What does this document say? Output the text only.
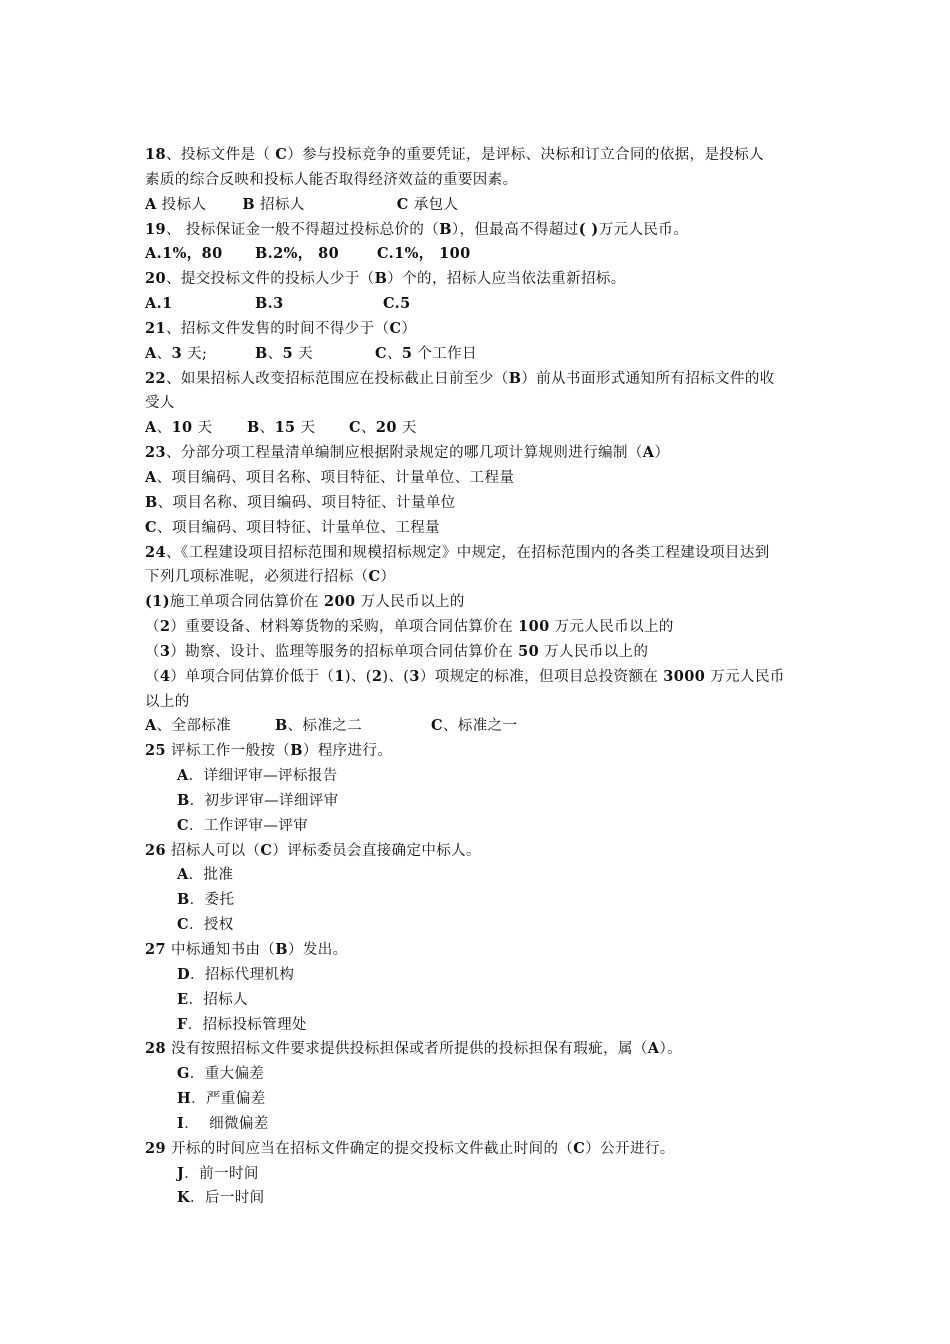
18、投标文件是（ C）参与投标竞争的重要凭证，是评标、决标和订立合同的依据，是投标人
素质的综合反映和投标人能否取得经济效益的重要因素。
A 投标人 B 招标人	C 承包人
19、 投标保证金一般不得超过投标总价的（B），但最高不得超过( )万元人民币。
A.1%，80 B.2%， 80	C.1%， 100
20、提交投标文件的投标人少于（B）个的，招标人应当依法重新招标。
A.1	B.3	C.5
21、招标文件发售的时间不得少于（C）
A、3 天;	B、5 天	C、5 个工作日
22、如果招标人改变招标范围应在投标截止日前至少（B）前从书面形式通知所有招标文件的收
受人
A、10 天 B、15 天 C、20 天
23、分部分项工程量清单编制应根据附录规定的哪几项计算规则进行编制（A）
A、项目编码、项目名称、项目特征、计量单位、工程量
B、项目名称、项目编码、项目特征、计量单位
C、项目编码、项目特征、计量单位、工程量
24、《工程建设项目招标范围和规模招标规定》中规定，在招标范围内的各类工程建设项目达到
下列几项标准呢，必须进行招标（C）
(1)施工单项合同估算价在 200 万人民币以上的
（2）重要设备、材料筹货物的采购，单项合同估算价在 100 万元人民币以上的
（3）勘察、设计、监理等服务的招标单项合同估算价在 50 万人民币以上的
（4）单项合同估算价低于（1)、(2)、(3）项规定的标准，但项目总投资额在 3000 万元人民币
以上的
A、全部标准	B、标准之二	C、标准之一
25 评标工作一般按（B）程序进行。
A．详细评审—评标报告
B．初步评审—详细评审
C．工作评审—评审
26 招标人可以（C）评标委员会直接确定中标人。
A．批准
B．委托
C．授权
27 中标通知书由（B）发出。
D．招标代理机构
E．招标人
F．招标投标管理处
28 没有按照招标文件要求提供投标担保或者所提供的投标担保有瑕疵，属（A）。
G．重大偏差
H．严重偏差
I．  细微偏差
29 开标的时间应当在招标文件确定的提交投标文件截止时间的（C）公开进行。
J．前一时间
K．后一时间
